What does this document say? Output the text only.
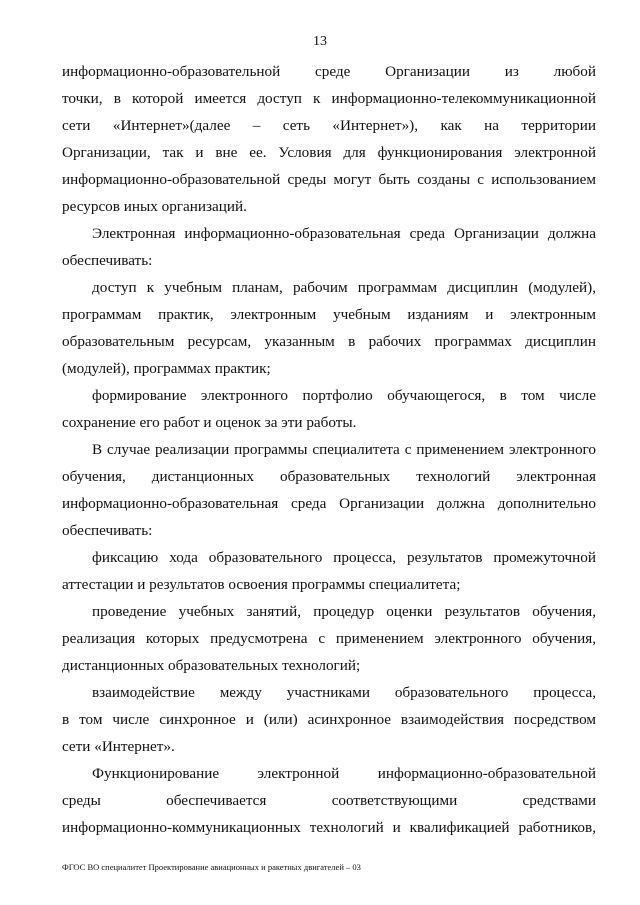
13
информационно-образовательной среде Организации из любой
точки, в которой имеется доступ к информационно-телекоммуникационной
сети «Интернет»(далее – сеть «Интернет»), как на территории
Организации, так и вне ее. Условия для функционирования электронной
информационно-образовательной среды могут быть созданы с использованием
ресурсов иных организаций.
Электронная информационно-образовательная среда Организации должна
обеспечивать:
доступ к учебным планам, рабочим программам дисциплин (модулей),
программам практик, электронным учебным изданиям и электронным
образовательным ресурсам, указанным в рабочих программах дисциплин
(модулей), программах практик;
формирование электронного портфолио обучающегося, в том числе
сохранение его работ и оценок за эти работы.
В случае реализации программы специалитета с применением электронного
обучения, дистанционных образовательных технологий электронная
информационно-образовательная среда Организации должна дополнительно
обеспечивать:
фиксацию хода образовательного процесса, результатов промежуточной
аттестации и результатов освоения программы специалитета;
проведение учебных занятий, процедур оценки результатов обучения,
реализация которых предусмотрена с применением электронного обучения,
дистанционных образовательных технологий;
взаимодействие между участниками образовательного процесса,
в том числе синхронное и (или) асинхронное взаимодействия посредством
сети «Интернет».
Функционирование электронной информационно-образовательной
среды обеспечивается соответствующими средствами
информационно-коммуникационных технологий и квалификацией работников,
ФГОС ВО специалитет Проектирование авиационных и ракетных двигателей – 03
